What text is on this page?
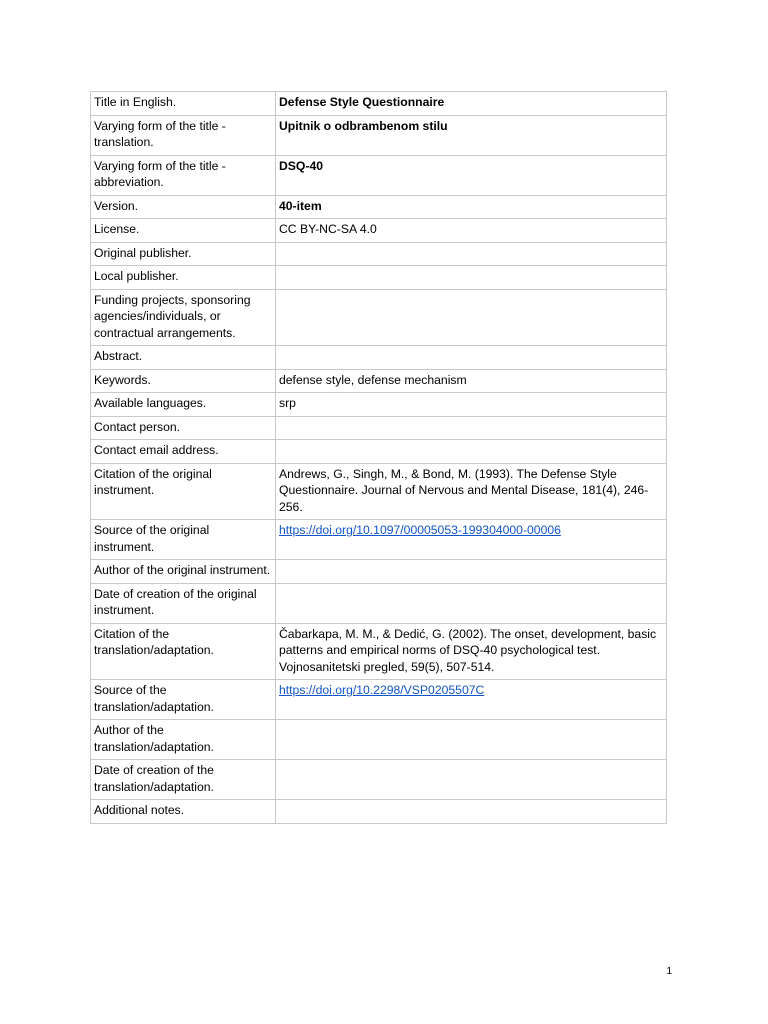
Title in English.	Defense Style Questionnaire
Varying form of the title - translation.	Upitnik o odbrambenom stilu
Varying form of the title - abbreviation.	DSQ-40
Version.	40-item
License.	CC BY-NC-SA 4.0
Original publisher.	
Local publisher.	
Funding projects, sponsoring agencies/individuals, or contractual arrangements.	
Abstract.	
Keywords.	defense style, defense mechanism
Available languages.	srp
Contact person.	
Contact email address.	
Citation of the original instrument.	Andrews, G., Singh, M., & Bond, M. (1993). The Defense Style Questionnaire. Journal of Nervous and Mental Disease, 181(4), 246-256.
Source of the original instrument.	https://doi.org/10.1097/00005053-199304000-00006
Author of the original instrument.	
Date of creation of the original instrument.	
Citation of the translation/adaptation.	Čabarkapa, M. M., & Dedić, G. (2002). The onset, development, basic patterns and empirical norms of DSQ-40 psychological test. Vojnosanitetski pregled, 59(5), 507-514.
Source of the translation/adaptation.	https://doi.org/10.2298/VSP0205507C
Author of the translation/adaptation.	
Date of creation of the translation/adaptation.	
Additional notes.	
1
